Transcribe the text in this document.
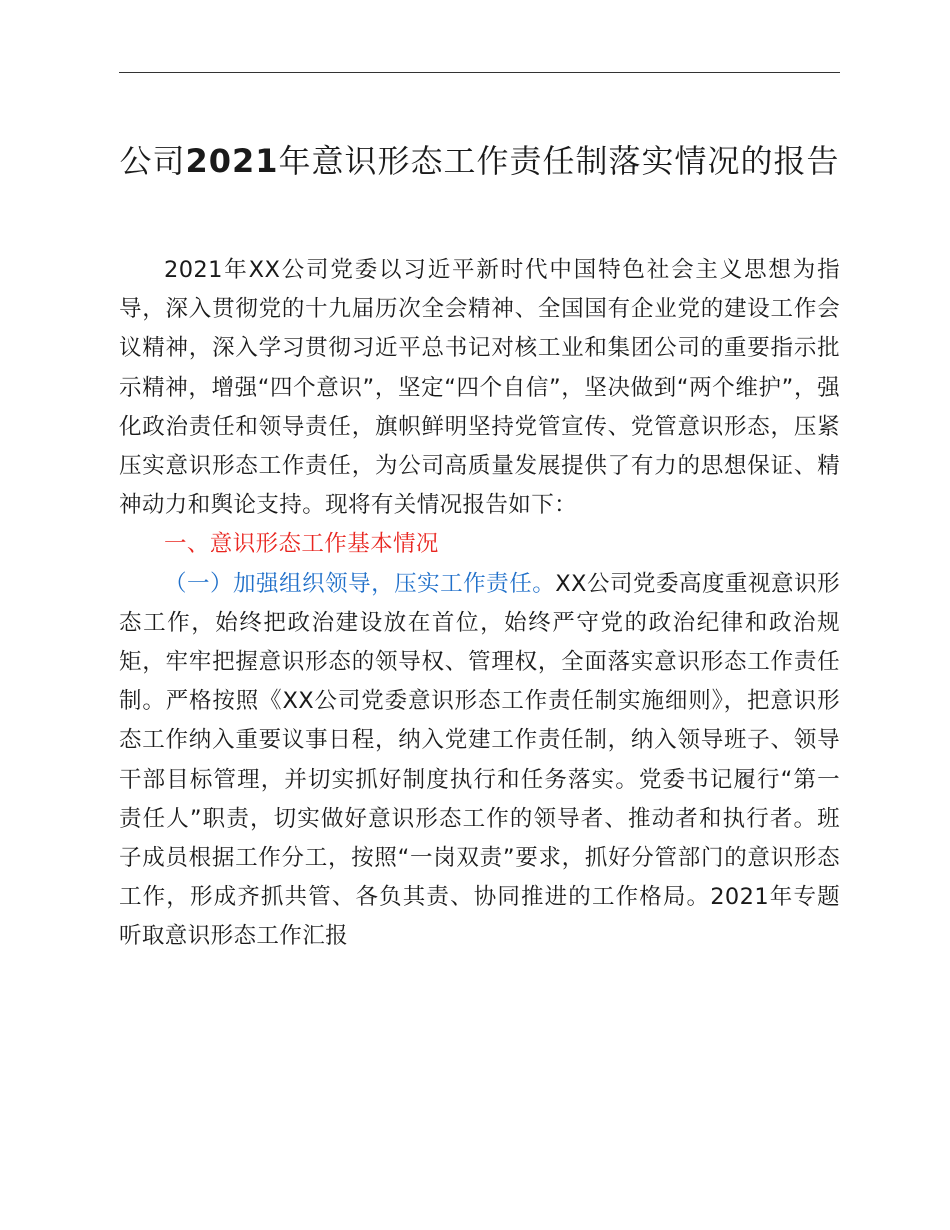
公司2021年意识形态工作责任制落实情况的报告

2021年XX公司党委以习近平新时代中国特色社会主义思想为指导，深入贯彻党的十九届历次全会精神、全国国有企业党的建设工作会议精神，深入学习贯彻习近平总书记对核工业和集团公司的重要指示批示精神，增强“四个意识”，坚定“四个自信”，坚决做到“两个维护”，强化政治责任和领导责任，旗帜鲜明坚持党管宣传、党管意识形态，压紧压实意识形态工作责任，为公司高质量发展提供了有力的思想保证、精神动力和舆论支持。现将有关情况报告如下：

一、意识形态工作基本情况

（一）加强组织领导，压实工作责任。XX公司党委高度重视意识形态工作，始终把政治建设放在首位，始终严守党的政治纪律和政治规矩，牢牢把握意识形态的领导权、管理权，全面落实意识形态工作责任制。严格按照《XX公司党委意识形态工作责任制实施细则》，把意识形态工作纳入重要议事日程，纳入党建工作责任制，纳入领导班子、领导干部目标管理，并切实抓好制度执行和任务落实。党委书记履行“第一责任人”职责，切实做好意识形态工作的领导者、推动者和执行者。班子成员根据工作分工，按照“一岗双责”要求，抓好分管部门的意识形态工作，形成齐抓共管、各负其责、协同推进的工作格局。2021年专题听取意识形态工作汇报
